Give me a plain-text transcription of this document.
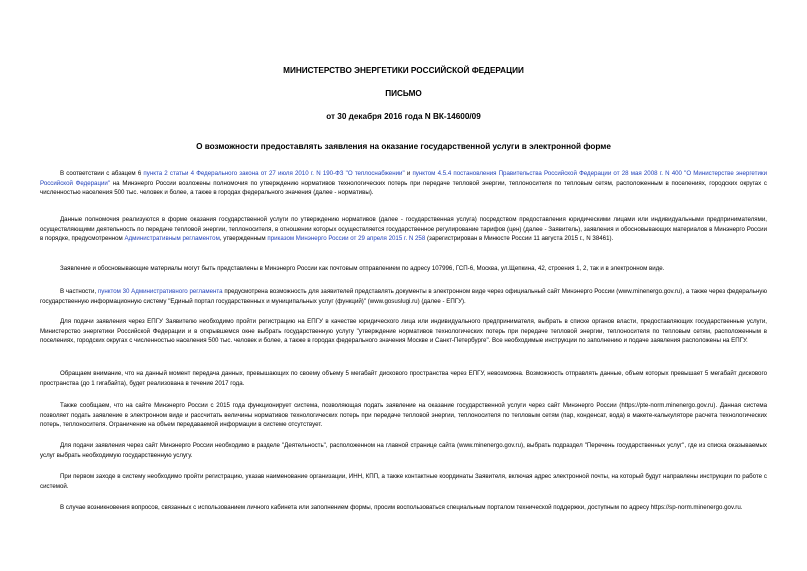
МИНИСТЕРСТВО ЭНЕРГЕТИКИ РОССИЙСКОЙ ФЕДЕРАЦИИ
ПИСЬМО
от 30 декабря 2016 года N ВК-14600/09
О возможности предоставлять заявления на оказание государственной услуги в электронной форме

В соответствии с абзацем 6 пункта 2 статьи 4 Федерального закона от 27 июля 2010 г. N 190-ФЗ "О теплоснабжении" и пунктом 4.5.4 постановления Правительства Российской Федерации от 28 мая 2008 г. N 400 "О Министерстве энергетики Российской Федерации" на Минэнерго России возложены полномочия по утверждению нормативов технологических потерь при передаче тепловой энергии, теплоносителя по тепловым сетям, расположенным в поселениях, городских округах с численностью населения 500 тыс. человек и более, а также в городах федерального значения (далее - нормативы).

Данные полномочия реализуются в форме оказания государственной услуги по утверждению нормативов (далее - государственная услуга) посредством предоставления юридическими лицами или индивидуальными предпринимателями, осуществляющими деятельность по передаче тепловой энергии, теплоносителя, в отношении которых осуществляется государственное регулирование тарифов (цен) (далее - Заявитель), заявления и обосновывающих материалов в Минэнерго России в порядке, предусмотренном Административным регламентом, утвержденным приказом Минэнерго России от 29 апреля 2015 г. N 258 (зарегистрирован в Минюсте России 11 августа 2015 г., N 38461).

Заявление и обосновывающие материалы могут быть представлены в Минэнерго России как почтовым отправлением по адресу 107996, ГСП-6, Москва, ул.Щепкина, 42, строения 1, 2, так и в электронном виде.

В частности, пунктом 30 Административного регламента предусмотрена возможность для заявителей представлять документы в электронном виде через официальный сайт Минэнерго России (www.minenergo.gov.ru), а также через федеральную государственную информационную систему "Единый портал государственных и муниципальных услуг (функций)" (www.gosuslugi.ru) (далее - ЕПГУ).

Для подачи заявления через ЕПГУ Заявителю необходимо пройти регистрацию на ЕПГУ в качестве юридического лица или индивидуального предпринимателя, выбрать в списке органов власти, предоставляющих государственные услуги, Министерство энергетики Российской Федерации и в открывшемся окне выбрать государственную услугу "утверждение нормативов технологических потерь при передаче тепловой энергии, теплоносителя по тепловым сетям, расположенным в поселениях, городских округах с численностью населения 500 тыс. человек и более, а также в городах федерального значения Москве и Санкт-Петербурге". Все необходимые инструкции по заполнению и подаче заявления расположены на ЕПГУ.

Обращаем внимание, что на данный момент передача данных, превышающих по своему объему 5 мегабайт дискового пространства через ЕПГУ, невозможна. Возможность отправлять данные, объем которых превышает 5 мегабайт дискового пространства (до 1 гигабайта), будет реализована в течение 2017 года.

Также сообщаем, что на сайте Минэнерго России с 2015 года функционирует система, позволяющая подать заявление на оказание государственной услуги через сайт Минэнерго России (https://pte-norm.minenergo.gov.ru). Данная система позволяет подать заявление в электронном виде и рассчитать величины нормативов технологических потерь при передаче тепловой энергии, теплоносителя по тепловым сетям (пар, конденсат, вода) в макете-калькуляторе расчета технологических потерь, теплоносителя. Ограничение на объем передаваемой информации в системе отсутствует.

Для подачи заявления через сайт Минэнерго России необходимо в разделе "Деятельность", расположенном на главной странице сайта (www.minenergo.gov.ru), выбрать подраздел "Перечень государственных услуг", где из списка оказываемых услуг выбрать необходимую государственную услугу.

При первом заходе в систему необходимо пройти регистрацию, указав наименование организации, ИНН, КПП, а также контактные координаты Заявителя, включая адрес электронной почты, на который будут направлены инструкции по работе с системой.

В случае возникновения вопросов, связанных с использованием личного кабинета или заполнением формы, просим воспользоваться специальным порталом технической поддержки, доступным по адресу https://sp-norm.minenergo.gov.ru.
